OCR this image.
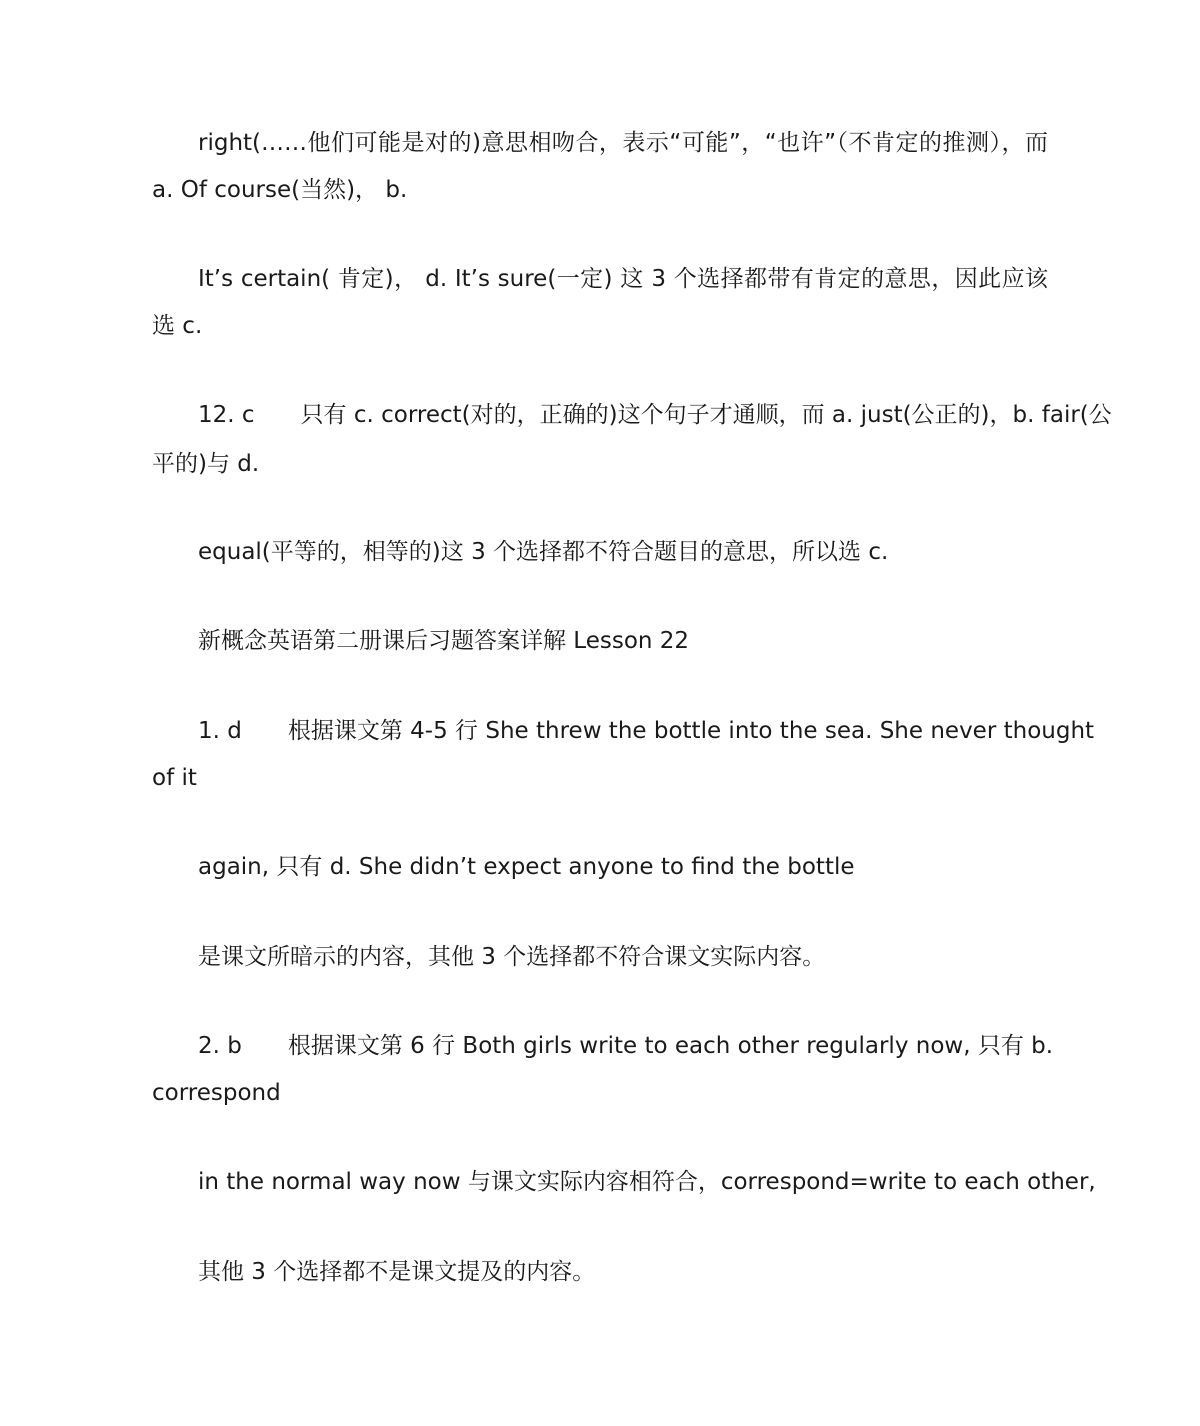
right(……他们可能是对的)意思相吻合，表示“可能”，“也许”（不肯定的推测），而
a. Of course(当然)， b.
It’s certain( 肯定)， d. It’s sure(一定) 这 3 个选择都带有肯定的意思，因此应该
选 c.
12. c　　只有 c. correct(对的，正确的)这个句子才通顺，而 a. just(公正的)，b. fair(公
平的)与 d.
equal(平等的，相等的)这 3 个选择都不符合题目的意思，所以选 c.
新概念英语第二册课后习题答案详解 Lesson 22
1. d　　根据课文第 4-5 行 She threw the bottle into the sea. She never thought
of it
again, 只有 d. She didn’t expect anyone to find the bottle
是课文所暗示的内容，其他 3 个选择都不符合课文实际内容。
2. b　　根据课文第 6 行 Both girls write to each other regularly now, 只有 b.
correspond
in the normal way now 与课文实际内容相符合，correspond=write to each other,
其他 3 个选择都不是课文提及的内容。
